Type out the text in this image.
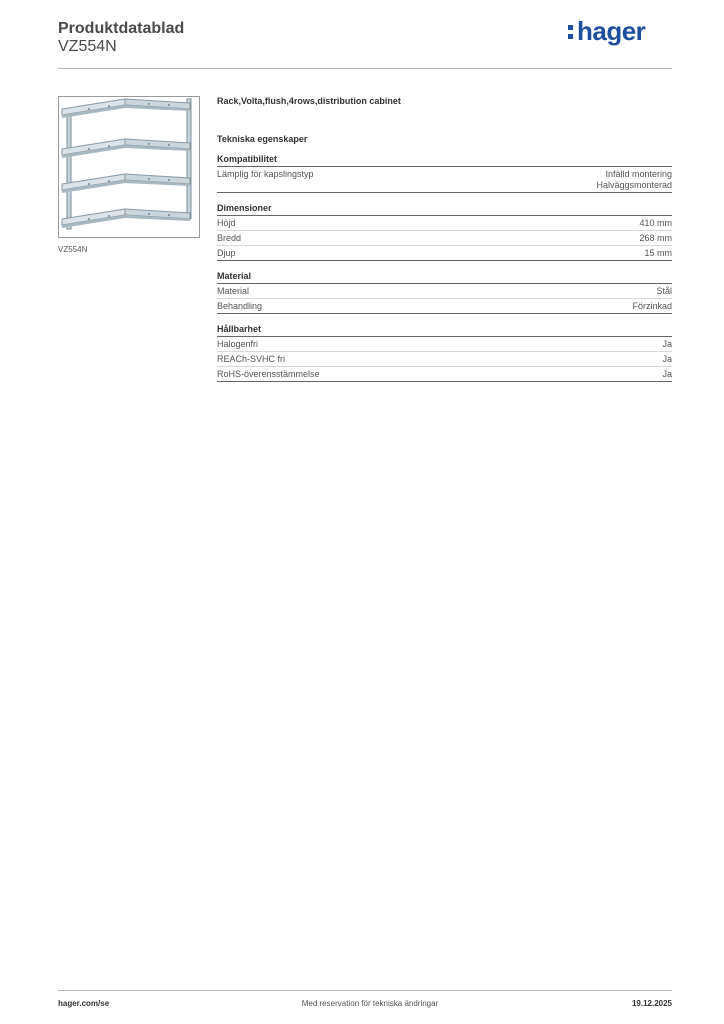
Produktdatablad
VZ554N
hager
VZ554N
Rack,Volta,flush,4rows,distribution cabinet
Tekniska egenskaper
Kompatibilitet
Lämplig för kapslingstyp	Infälld montering
Halväggsmonterad
Dimensioner
Höjd	410 mm
Bredd	268 mm
Djup	15 mm
Material
Material	Stål
Behandling	Förzinkad
Hållbarhet
Halogenfri	Ja
REACh-SVHC fri	Ja
RoHS-överensstämmelse	Ja
hager.com/se	Med reservation för tekniska ändringar	19.12.2025
